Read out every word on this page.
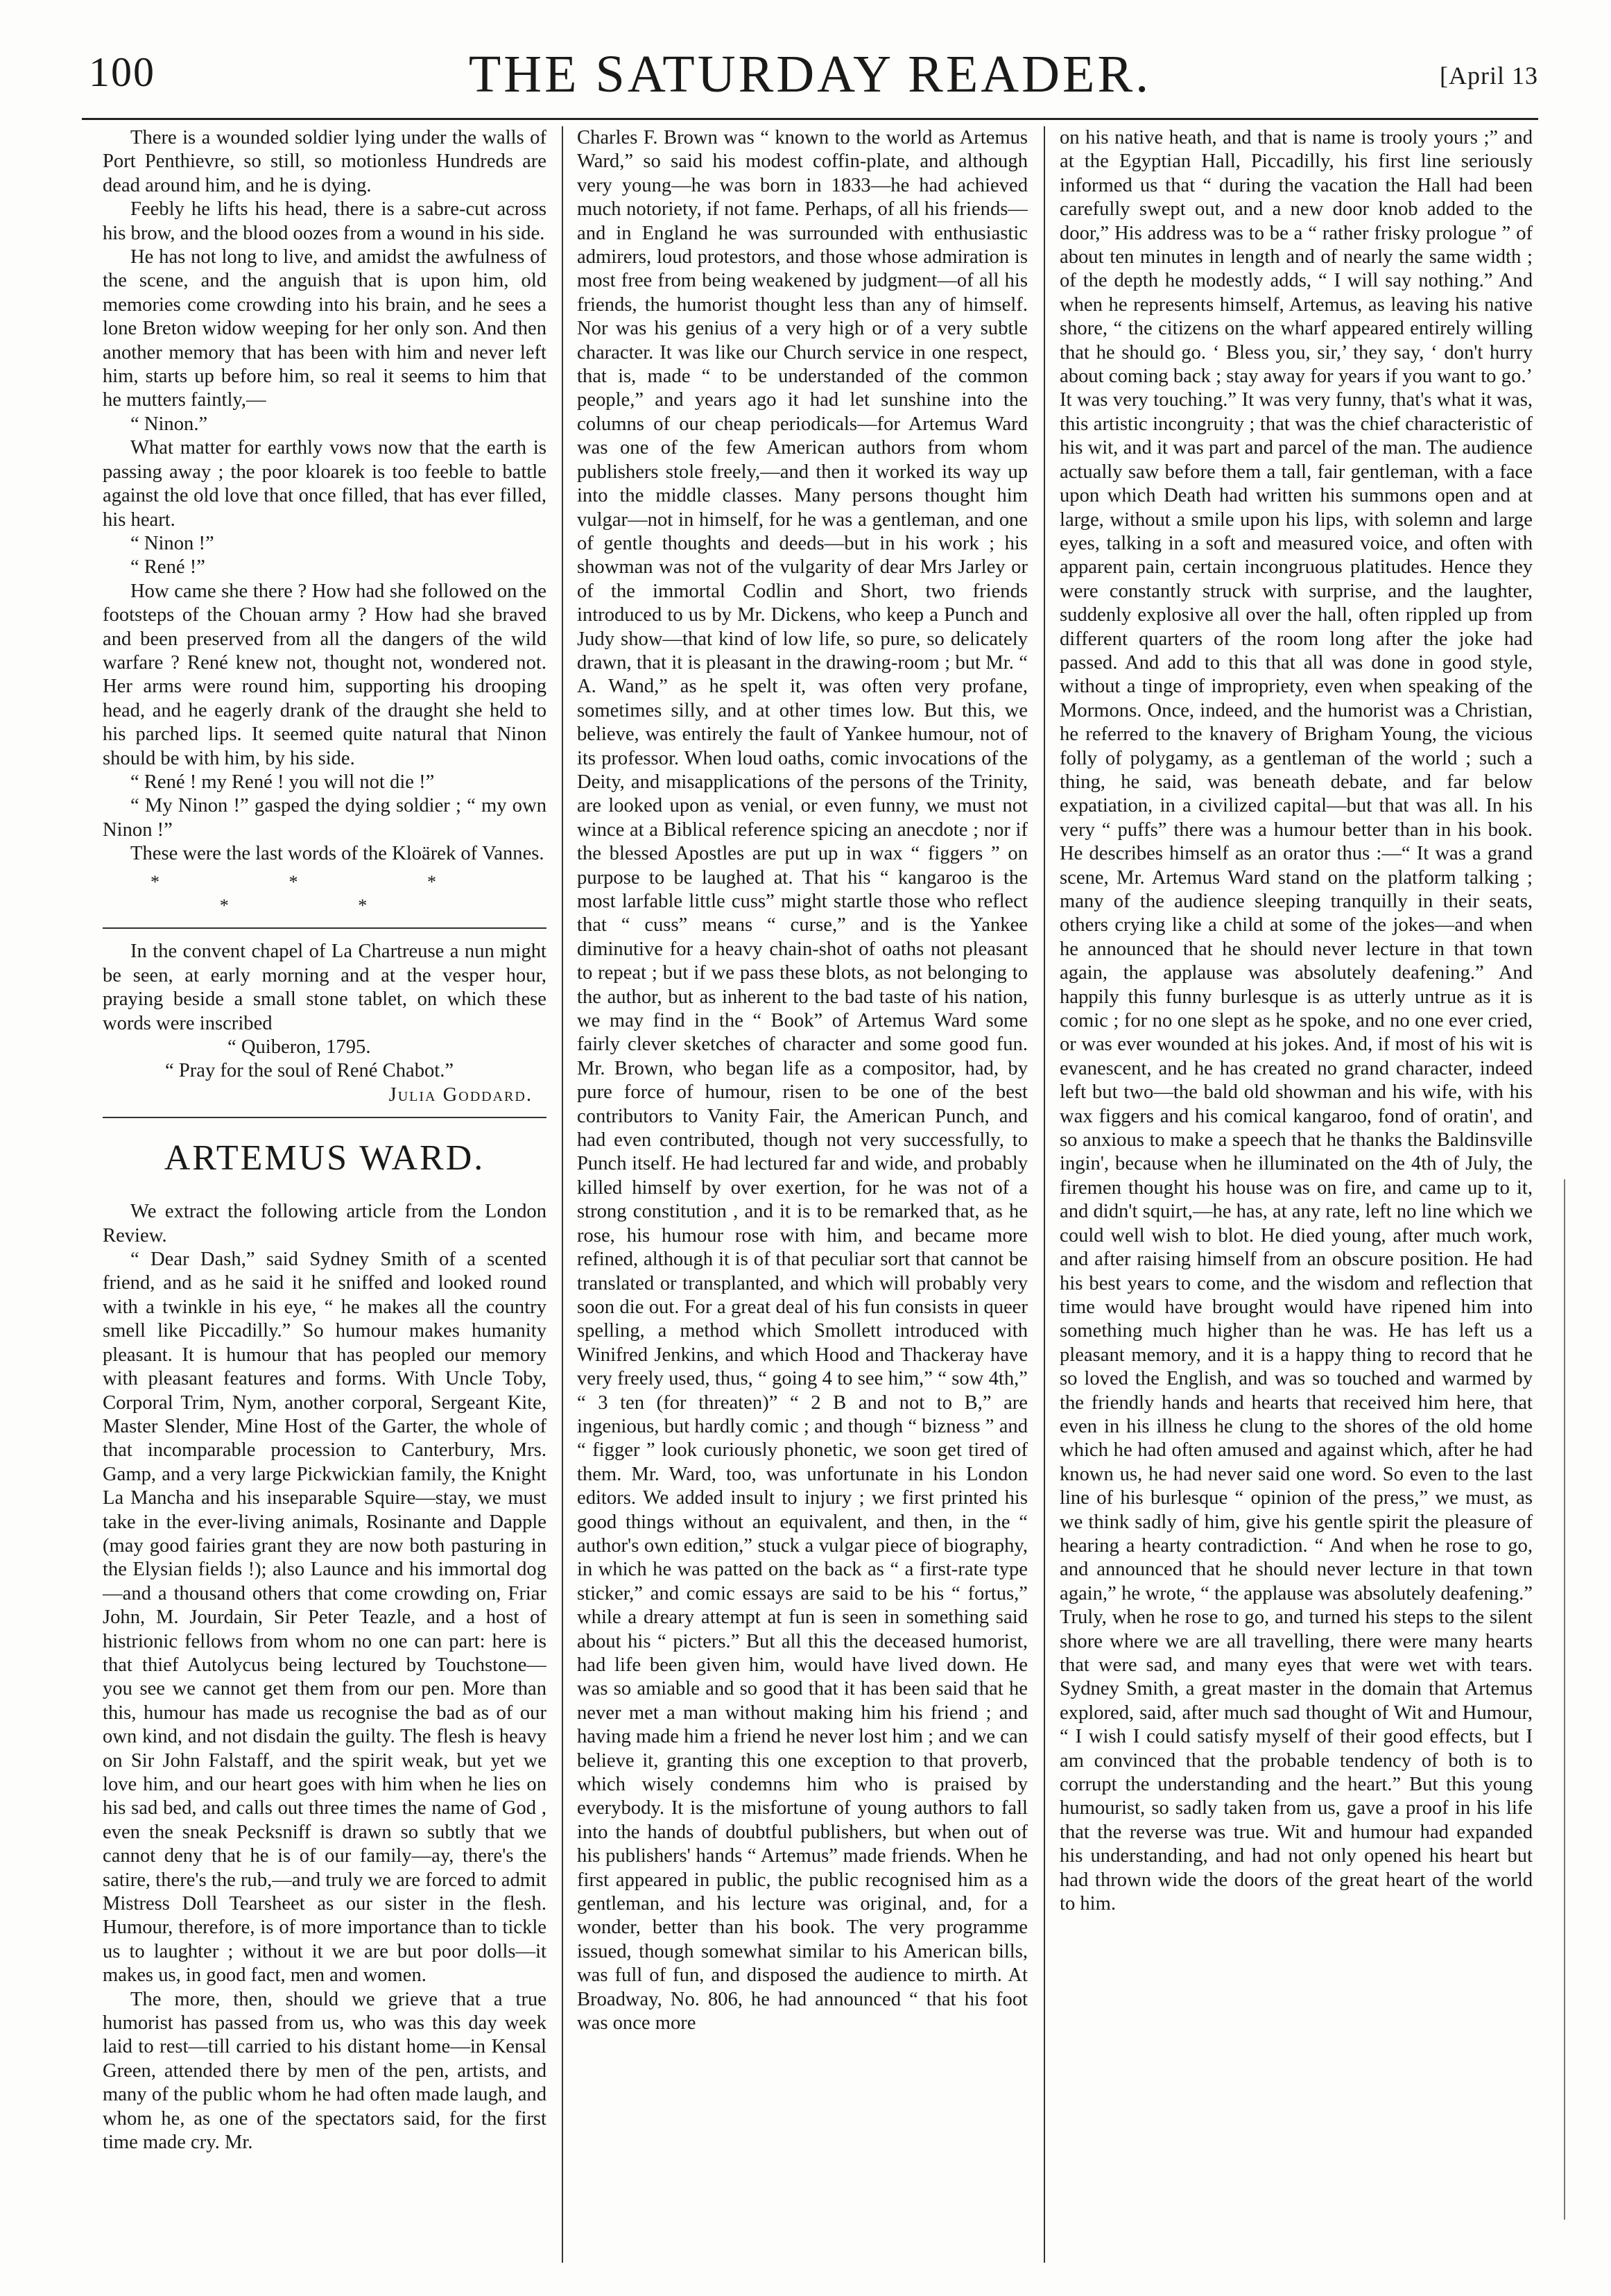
100	THE SATURDAY READER.	[April 13

There is a wounded soldier lying under the walls of Port Penthievre, so still, so motionless Hundreds are dead around him, and he is dying.

Feebly he lifts his head, there is a sabre-cut across his brow, and the blood oozes from a wound in his side.

He has not long to live, and amidst the awfulness of the scene, and the anguish that is upon him, old memories come crowding into his brain, and he sees a lone Breton widow weeping for her only son. And then another memory that has been with him and never left him, starts up before him, so real it seems to him that he mutters faintly,—

“ Ninon.”

What matter for earthly vows now that the earth is passing away ; the poor kloarek is too feeble to battle against the old love that once filled, that has ever filled, his heart.

“ Ninon !”

“ René !”

How came she there ? How had she followed on the footsteps of the Chouan army ? How had she braved and been preserved from all the dangers of the wild warfare ? René knew not, thought not, wondered not. Her arms were round him, supporting his drooping head, and he eagerly drank of the draught she held to his parched lips. It seemed quite natural that Ninon should be with him, by his side.

“ René ! my René ! you will not die !”

“ My Ninon !” gasped the dying soldier ; “ my own Ninon !”

These were the last words of the Kloärek of Vannes.

* * * * *

In the convent chapel of La Chartreuse a nun might be seen, at early morning and at the vesper hour, praying beside a small stone tablet, on which these words were inscribed

“ Quiberon, 1795.

“ Pray for the soul of René Chabot.”

Julia Goddard.

ARTEMUS WARD.

We extract the following article from the London Review.

“ Dear Dash,” said Sydney Smith of a scented friend, and as he said it he sniffed and looked round with a twinkle in his eye, “ he makes all the country smell like Piccadilly.” So humour makes humanity pleasant. It is humour that has peopled our memory with pleasant features and forms. With Uncle Toby, Corporal Trim, Nym, another corporal, Sergeant Kite, Master Slender, Mine Host of the Garter, the whole of that incomparable procession to Canterbury, Mrs. Gamp, and a very large Pickwickian family, the Knight La Mancha and his inseparable Squire—stay, we must take in the ever-living animals, Rosinante and Dapple (may good fairies grant they are now both pasturing in the Elysian fields !); also Launce and his immortal dog—and a thousand others that come crowding on, Friar John, M. Jourdain, Sir Peter Teazle, and a host of histrionic fellows from whom no one can part: here is that thief Autolycus being lectured by Touchstone—you see we cannot get them from our pen. More than this, humour has made us recognise the bad as of our own kind, and not disdain the guilty. The flesh is heavy on Sir John Falstaff, and the spirit weak, but yet we love him, and our heart goes with him when he lies on his sad bed, and calls out three times the name of God , even the sneak Pecksniff is drawn so subtly that we cannot deny that he is of our family—ay, there's the satire, there's the rub,—and truly we are forced to admit Mistress Doll Tearsheet as our sister in the flesh. Humour, therefore, is of more importance than to tickle us to laughter ; without it we are but poor dolls—it makes us, in good fact, men and women.

The more, then, should we grieve that a true humorist has passed from us, who was this day week laid to rest—till carried to his distant home—in Kensal Green, attended there by men of the pen, artists, and many of the public whom he had often made laugh, and whom he, as one of the spectators said, for the first time made cry. Mr.

Charles F. Brown was “ known to the world as Artemus Ward,” so said his modest coffin-plate, and although very young—he was born in 1833—he had achieved much notoriety, if not fame. Perhaps, of all his friends—and in England he was surrounded with enthusiastic admirers, loud protestors, and those whose admiration is most free from being weakened by judgment—of all his friends, the humorist thought less than any of himself. Nor was his genius of a very high or of a very subtle character. It was like our Church service in one respect, that is, made “ to be understanded of the common people,” and years ago it had let sunshine into the columns of our cheap periodicals—for Artemus Ward was one of the few American authors from whom publishers stole freely,—and then it worked its way up into the middle classes. Many persons thought him vulgar—not in himself, for he was a gentleman, and one of gentle thoughts and deeds—but in his work ; his showman was not of the vulgarity of dear Mrs Jarley or of the immortal Codlin and Short, two friends introduced to us by Mr. Dickens, who keep a Punch and Judy show—that kind of low life, so pure, so delicately drawn, that it is pleasant in the drawing-room ; but Mr. “ A. Wand,” as he spelt it, was often very profane, sometimes silly, and at other times low. But this, we believe, was entirely the fault of Yankee humour, not of its professor. When loud oaths, comic invocations of the Deity, and misapplications of the persons of the Trinity, are looked upon as venial, or even funny, we must not wince at a Biblical reference spicing an anecdote ; nor if the blessed Apostles are put up in wax “ figgers ” on purpose to be laughed at. That his “ kangaroo is the most larfable little cuss” might startle those who reflect that “ cuss” means “ curse,” and is the Yankee diminutive for a heavy chain-shot of oaths not pleasant to repeat ; but if we pass these blots, as not belonging to the author, but as inherent to the bad taste of his nation, we may find in the “ Book” of Artemus Ward some fairly clever sketches of character and some good fun. Mr. Brown, who began life as a compositor, had, by pure force of humour, risen to be one of the best contributors to Vanity Fair, the American Punch, and had even contributed, though not very successfully, to Punch itself. He had lectured far and wide, and probably killed himself by over exertion, for he was not of a strong constitution , and it is to be remarked that, as he rose, his humour rose with him, and became more refined, although it is of that peculiar sort that cannot be translated or transplanted, and which will probably very soon die out. For a great deal of his fun consists in queer spelling, a method which Smollett introduced with Winifred Jenkins, and which Hood and Thackeray have very freely used, thus, “ going 4 to see him,” “ sow 4th,” “ 3 ten (for threaten)” “ 2 B and not to B,” are ingenious, but hardly comic ; and though “ bizness ” and “ figger ” look curiously phonetic, we soon get tired of them. Mr. Ward, too, was unfortunate in his London editors. We added insult to injury ; we first printed his good things without an equivalent, and then, in the “ author's own edition,” stuck a vulgar piece of biography, in which he was patted on the back as “ a first-rate type sticker,” and comic essays are said to be his “ fortus,” while a dreary attempt at fun is seen in something said about his “ picters.” But all this the deceased humorist, had life been given him, would have lived down. He was so amiable and so good that it has been said that he never met a man without making him his friend ; and having made him a friend he never lost him ; and we can believe it, granting this one exception to that proverb, which wisely condemns him who is praised by everybody. It is the misfortune of young authors to fall into the hands of doubtful publishers, but when out of his publishers' hands “ Artemus” made friends. When he first appeared in public, the public recognised him as a gentleman, and his lecture was original, and, for a wonder, better than his book. The very programme issued, though somewhat similar to his American bills, was full of fun, and disposed the audience to mirth. At Broadway, No. 806, he had announced “ that his foot was once more

on his native heath, and that is name is trooly yours ;” and at the Egyptian Hall, Piccadilly, his first line seriously informed us that “ during the vacation the Hall had been carefully swept out, and a new door knob added to the door,” His address was to be a “ rather frisky prologue ” of about ten minutes in length and of nearly the same width ; of the depth he modestly adds, “ I will say nothing.” And when he represents himself, Artemus, as leaving his native shore, “ the citizens on the wharf appeared entirely willing that he should go. ‘ Bless you, sir,’ they say, ‘ don't hurry about coming back ; stay away for years if you want to go.’ It was very touching.” It was very funny, that's what it was, this artistic incongruity ; that was the chief characteristic of his wit, and it was part and parcel of the man. The audience actually saw before them a tall, fair gentleman, with a face upon which Death had written his summons open and at large, without a smile upon his lips, with solemn and large eyes, talking in a soft and measured voice, and often with apparent pain, certain incongruous platitudes. Hence they were constantly struck with surprise, and the laughter, suddenly explosive all over the hall, often rippled up from different quarters of the room long after the joke had passed. And add to this that all was done in good style, without a tinge of impropriety, even when speaking of the Mormons. Once, indeed, and the humorist was a Christian, he referred to the knavery of Brigham Young, the vicious folly of polygamy, as a gentleman of the world ; such a thing, he said, was beneath debate, and far below expatiation, in a civilized capital—but that was all. In his very “ puffs” there was a humour better than in his book. He describes himself as an orator thus :—“ It was a grand scene, Mr. Artemus Ward stand on the platform talking ; many of the audience sleeping tranquilly in their seats, others crying like a child at some of the jokes—and when he announced that he should never lecture in that town again, the applause was absolutely deafening.” And happily this funny burlesque is as utterly untrue as it is comic ; for no one slept as he spoke, and no one ever cried, or was ever wounded at his jokes. And, if most of his wit is evanescent, and he has created no grand character, indeed left but two—the bald old showman and his wife, with his wax figgers and his comical kangaroo, fond of oratin', and so anxious to make a speech that he thanks the Baldinsville ingin', because when he illuminated on the 4th of July, the firemen thought his house was on fire, and came up to it, and didn't squirt,—he has, at any rate, left no line which we could well wish to blot. He died young, after much work, and after raising himself from an obscure position. He had his best years to come, and the wisdom and reflection that time would have brought would have ripened him into something much higher than he was. He has left us a pleasant memory, and it is a happy thing to record that he so loved the English, and was so touched and warmed by the friendly hands and hearts that received him here, that even in his illness he clung to the shores of the old home which he had often amused and against which, after he had known us, he had never said one word. So even to the last line of his burlesque “ opinion of the press,” we must, as we think sadly of him, give his gentle spirit the pleasure of hearing a hearty contradiction. “ And when he rose to go, and announced that he should never lecture in that town again,” he wrote, “ the applause was absolutely deafening.” Truly, when he rose to go, and turned his steps to the silent shore where we are all travelling, there were many hearts that were sad, and many eyes that were wet with tears. Sydney Smith, a great master in the domain that Artemus explored, said, after much sad thought of Wit and Humour, “ I wish I could satisfy myself of their good effects, but I am convinced that the probable tendency of both is to corrupt the understanding and the heart.” But this young humourist, so sadly taken from us, gave a proof in his life that the reverse was true. Wit and humour had expanded his understanding, and had not only opened his heart but had thrown wide the doors of the great heart of the world to him.
